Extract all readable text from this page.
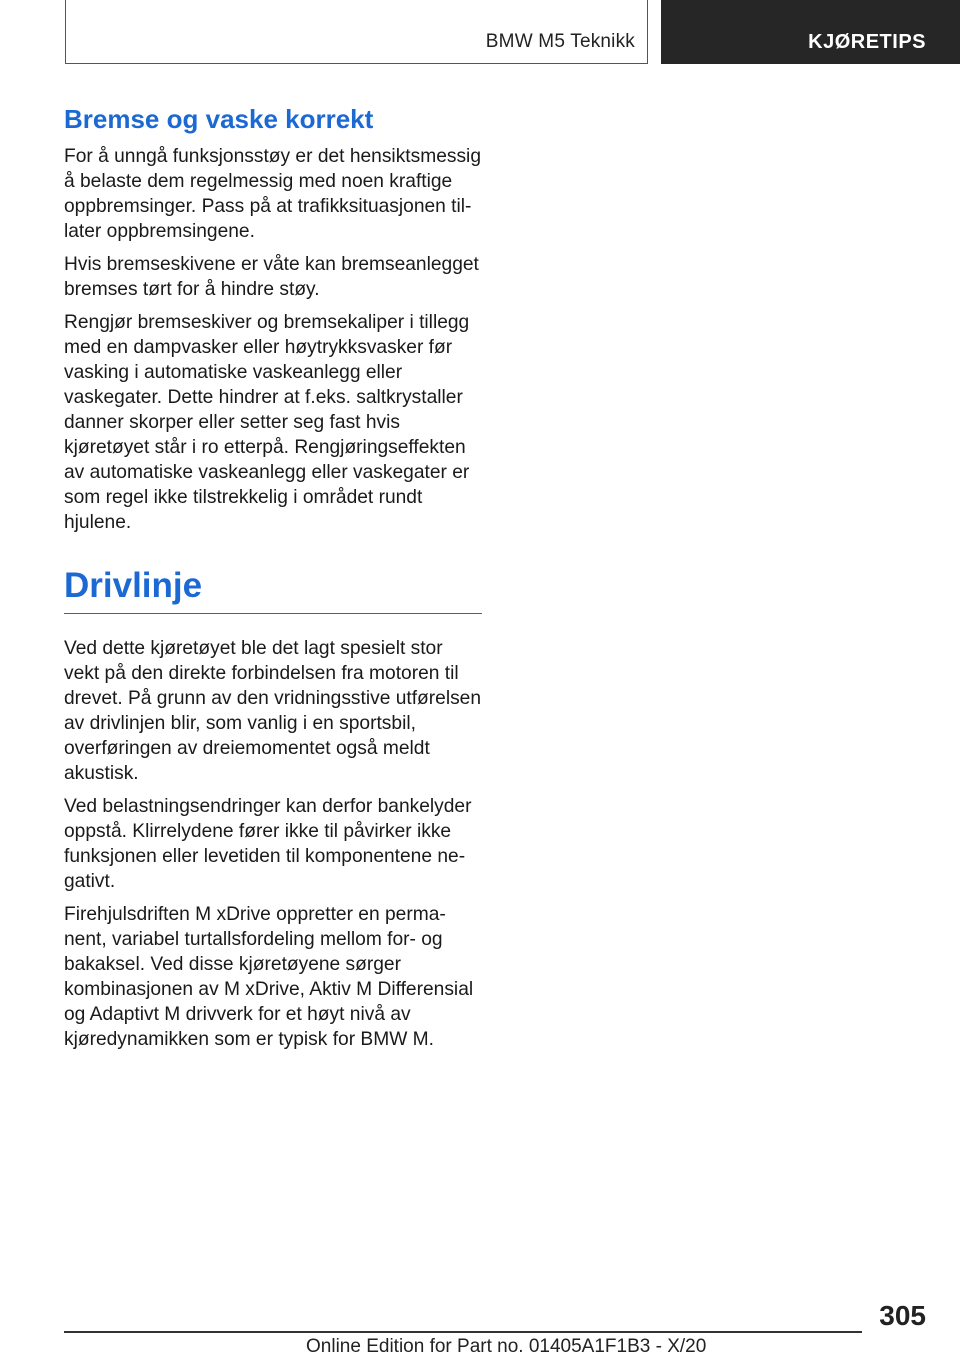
BMW M5 Teknikk	KJØRETIPS
Bremse og vaske korrekt

For å unngå funksjonsstøy er det hensiktsmessig å belaste dem regelmessig med noen kraftige oppbremsinger. Pass på at trafikksituasjonen tillater oppbremsingene.

Hvis bremseskivene er våte kan bremseanlegget bremses tørt for å hindre støy.

Rengjør bremseskiver og bremsekaliper i tillegg med en dampvasker eller høytrykksvasker før vasking i automatiske vaskeanlegg eller vaskegater. Dette hindrer at f.eks. saltkrystaller danner skorper eller setter seg fast hvis kjøretøyet står i ro etterpå. Rengjøringseffekten av automatiske vaskeanlegg eller vaskegater er som regel ikke tilstrekkelig i området rundt hjulene.

Drivlinje

Ved dette kjøretøyet ble det lagt spesielt stor vekt på den direkte forbindelsen fra motoren til drevet. På grunn av den vridningsstive utførelsen av drivlinjen blir, som vanlig i en sportsbil, overføringen av dreiemomentet også meldt akustisk.

Ved belastningsendringer kan derfor bankelyder oppstå. Klirrelydene fører ikke til påvirker ikke funksjonen eller levetiden til komponentene negativt.

Firehjulsdriften M xDrive oppretter en permanent, variabel turtallsfordeling mellom for- og bakaksel. Ved disse kjøretøyene sørger kombinasjonen av M xDrive, Aktiv M Differensial og Adaptivt M drivverk for et høyt nivå av kjøredynamikken som er typisk for BMW M.

305
Online Edition for Part no. 01405A1F1B3 - X/20
